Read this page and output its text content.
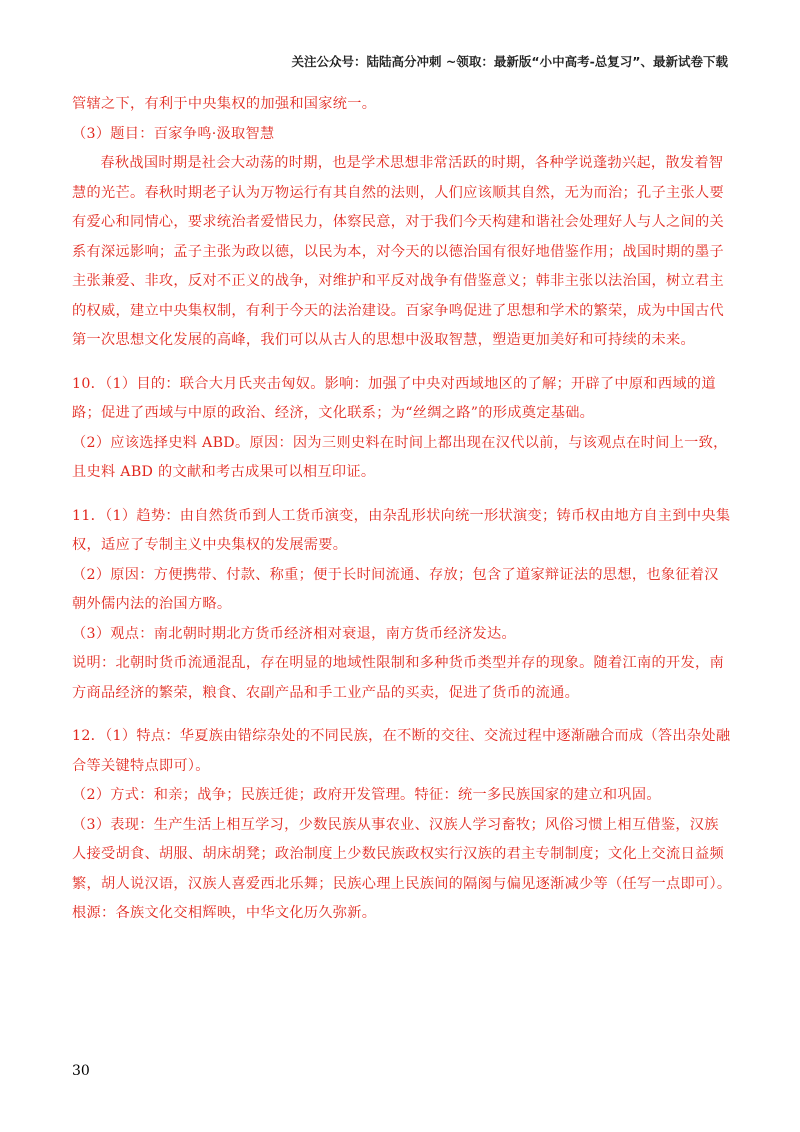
关注公众号：陆陆高分冲刺 ~领取：最新版“小中高考-总复习”、最新试卷下载

管辖之下，有利于中央集权的加强和国家统一。

（3）题目：百家争鸣·汲取智慧

春秋战国时期是社会大动荡的时期，也是学术思想非常活跃的时期，各种学说蓬勃兴起，散发着智慧的光芒。春秋时期老子认为万物运行有其自然的法则，人们应该顺其自然，无为而治；孔子主张人要有爱心和同情心，要求统治者爱惜民力，体察民意，对于我们今天构建和谐社会处理好人与人之间的关系有深远影响；孟子主张为政以德，以民为本，对今天的以德治国有很好地借鉴作用；战国时期的墨子主张兼爱、非攻，反对不正义的战争，对维护和平反对战争有借鉴意义；韩非主张以法治国，树立君主的权威，建立中央集权制，有利于今天的法治建设。百家争鸣促进了思想和学术的繁荣，成为中国古代第一次思想文化发展的高峰，我们可以从古人的思想中汲取智慧，塑造更加美好和可持续的未来。

10．（1）目的：联合大月氏夹击匈奴。影响：加强了中央对西域地区的了解；开辟了中原和西域的道路；促进了西域与中原的政治、经济，文化联系；为“丝绸之路”的形成奠定基础。

（2）应该选择史料 ABD。原因：因为三则史料在时间上都出现在汉代以前，与该观点在时间上一致，且史料 ABD 的文献和考古成果可以相互印证。

11．（1）趋势：由自然货币到人工货币演变，由杂乱形状向统一形状演变；铸币权由地方自主到中央集权，适应了专制主义中央集权的发展需要。

（2）原因：方便携带、付款、称重；便于长时间流通、存放；包含了道家辩证法的思想，也象征着汉朝外儒内法的治国方略。

（3）观点：南北朝时期北方货币经济相对衰退，南方货币经济发达。

说明：北朝时货币流通混乱，存在明显的地域性限制和多种货币类型并存的现象。随着江南的开发，南方商品经济的繁荣，粮食、农副产品和手工业产品的买卖，促进了货币的流通。

12．（1）特点：华夏族由错综杂处的不同民族，在不断的交往、交流过程中逐渐融合而成（答出杂处融合等关键特点即可）。

（2）方式：和亲；战争；民族迁徙；政府开发管理。特征：统一多民族国家的建立和巩固。

（3）表现：生产生活上相互学习，少数民族从事农业、汉族人学习畜牧；风俗习惯上相互借鉴，汉族人接受胡食、胡服、胡床胡凳；政治制度上少数民族政权实行汉族的君主专制制度；文化上交流日益频繁，胡人说汉语，汉族人喜爱西北乐舞；民族心理上民族间的隔阂与偏见逐渐减少等（任写一点即可）。根源：各族文化交相辉映，中华文化历久弥新。

30
